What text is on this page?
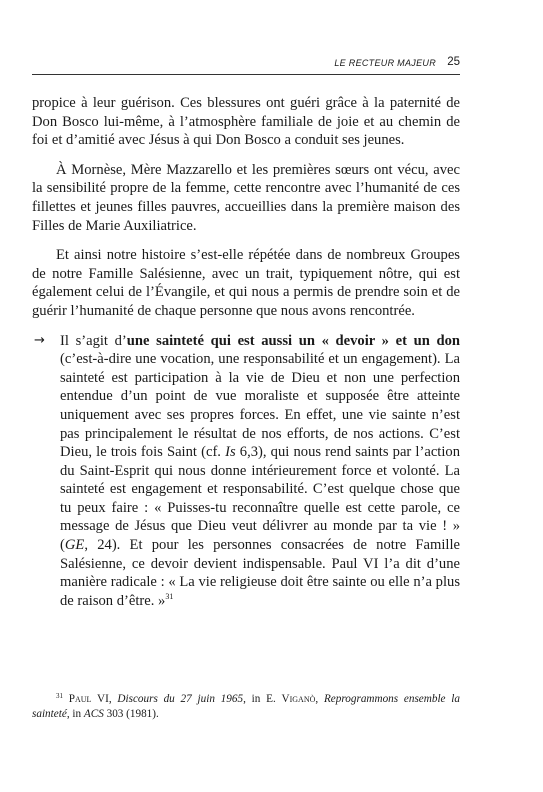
LE RECTEUR MAJEUR 25

propice à leur guérison. Ces blessures ont guéri grâce à la paternité de Don Bosco lui-même, à l’atmosphère familiale de joie et au chemin de foi et d’amitié avec Jésus à qui Don Bosco a conduit ses jeunes.

À Mornèse, Mère Mazzarello et les premières sœurs ont vécu, avec la sensibilité propre de la femme, cette rencontre avec l’humanité de ces fillettes et jeunes filles pauvres, accueillies dans la première maison des Filles de Marie Auxiliatrice.

Et ainsi notre histoire s’est-elle répétée dans de nombreux Groupes de notre Famille Salésienne, avec un trait, typiquement nôtre, qui est également celui de l’Évangile, et qui nous a permis de prendre soin et de guérir l’humanité de chaque personne que nous avons rencontrée.

→ Il s’agit d’une sainteté qui est aussi un « devoir » et un don (c’est-à-dire une vocation, une responsabilité et un engagement). La sainteté est participation à la vie de Dieu et non une perfection entendue d’un point de vue moraliste et supposée être atteinte uniquement avec ses propres forces. En effet, une vie sainte n’est pas principalement le résultat de nos efforts, de nos actions. C’est Dieu, le trois fois Saint (cf. Is 6,3), qui nous rend saints par l’action du Saint-Esprit qui nous donne intérieurement force et volonté. La sainteté est engagement et responsabilité. C’est quelque chose que tu peux faire : « Puisses-tu reconnaître quelle est cette parole, ce message de Jésus que Dieu veut délivrer au monde par ta vie ! » (GE, 24). Et pour les personnes consacrées de notre Famille Salésienne, ce devoir devient indispensable. Paul VI l’a dit d’une manière radicale : « La vie religieuse doit être sainte ou elle n’a plus de raison d’être. »$^{31}$

$^{31}$ Paul VI, Discours du 27 juin 1965, in E. Viganò, Reprogrammons ensemble la sainteté, in ACS 303 (1981).
